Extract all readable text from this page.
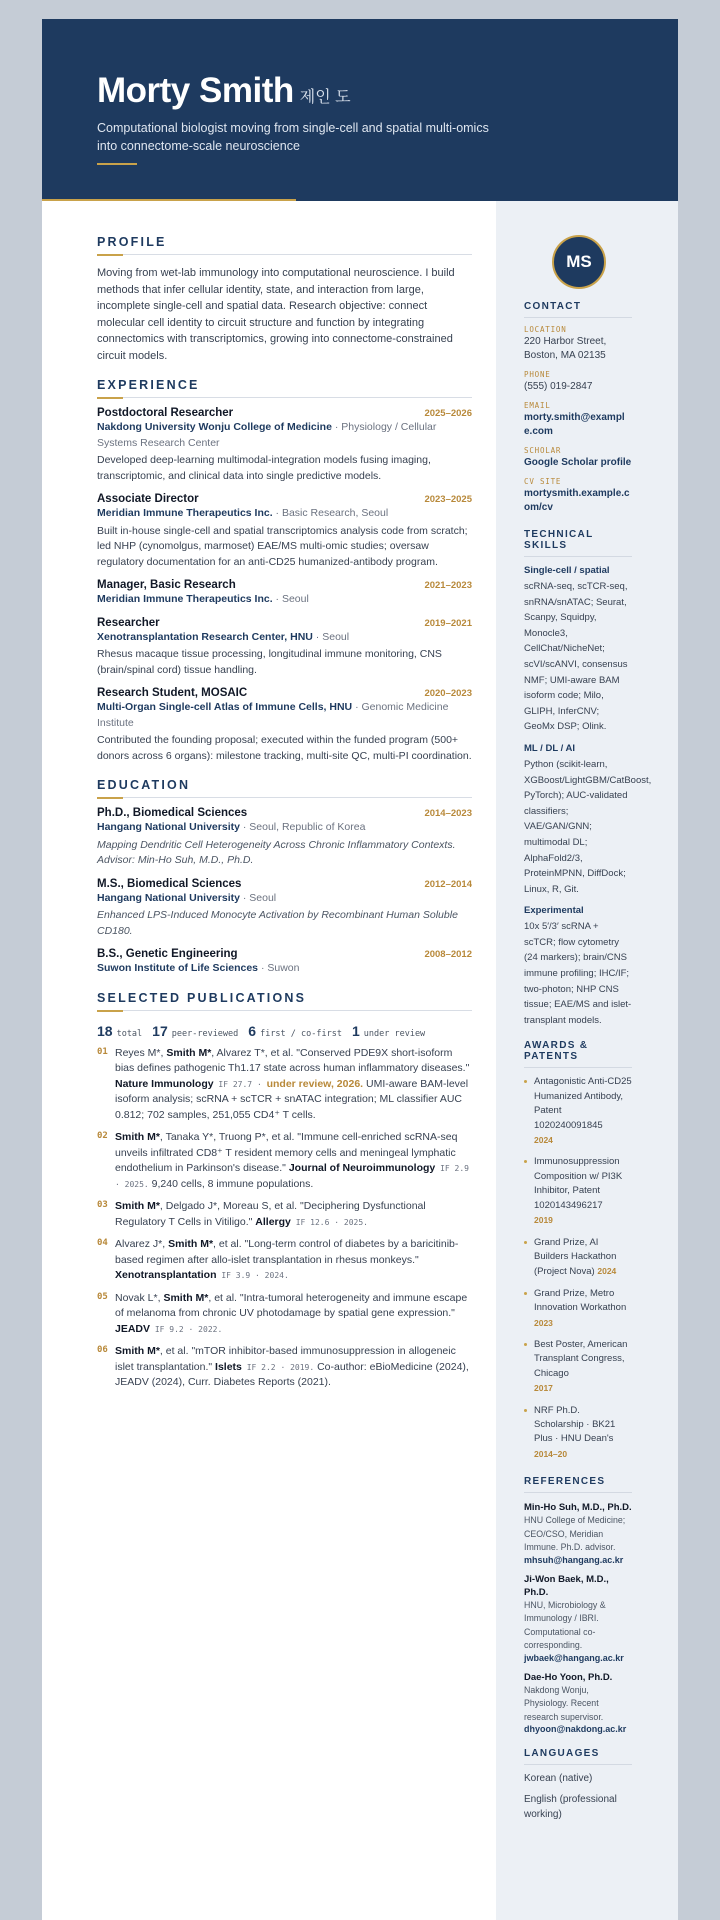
Morty Smith 제인 도
Computational biologist moving from single-cell and spatial multi-omics into connectome-scale neuroscience
PROFILE
Moving from wet-lab immunology into computational neuroscience. I build methods that infer cellular identity, state, and interaction from large, incomplete single-cell and spatial data. Research objective: connect molecular cell identity to circuit structure and function by integrating connectomics with transcriptomics, growing into connectome-constrained circuit models.
EXPERIENCE
Postdoctoral Researcher	2025–2026
Nakdong University Wonju College of Medicine · Physiology / Cellular Systems Research Center
Developed deep-learning multimodal-integration models fusing imaging, transcriptomic, and clinical data into single predictive models.
Associate Director	2023–2025
Meridian Immune Therapeutics Inc. · Basic Research, Seoul
Built in-house single-cell and spatial transcriptomics analysis code from scratch; led NHP (cynomolgus, marmoset) EAE/MS multi-omic studies; oversaw regulatory documentation for an anti-CD25 humanized-antibody program.
Manager, Basic Research	2021–2023
Meridian Immune Therapeutics Inc. · Seoul
Researcher	2019–2021
Xenotransplantation Research Center, HNU · Seoul
Rhesus macaque tissue processing, longitudinal immune monitoring, CNS (brain/spinal cord) tissue handling.
Research Student, MOSAIC	2020–2023
Multi-Organ Single-cell Atlas of Immune Cells, HNU · Genomic Medicine Institute
Contributed the founding proposal; executed within the funded program (500+ donors across 6 organs): milestone tracking, multi-site QC, multi-PI coordination.
EDUCATION
Ph.D., Biomedical Sciences	2014–2023
Hangang National University · Seoul, Republic of Korea
Mapping Dendritic Cell Heterogeneity Across Chronic Inflammatory Contexts. Advisor: Min-Ho Suh, M.D., Ph.D.
M.S., Biomedical Sciences	2012–2014
Hangang National University · Seoul
Enhanced LPS-Induced Monocyte Activation by Recombinant Human Soluble CD180.
B.S., Genetic Engineering	2008–2012
Suwon Institute of Life Sciences · Suwon
SELECTED PUBLICATIONS
18 total 17 peer-reviewed 6 first / co-first 1 under review
01 Reyes M*, Smith M*, Alvarez T*, et al. "Conserved PDE9X short-isoform bias defines pathogenic Th1.17 state across human inflammatory diseases." Nature Immunology IF 27.7 · under review, 2026. UMI-aware BAM-level isoform analysis; scRNA + scTCR + snATAC integration; ML classifier AUC 0.812; 702 samples, 251,055 CD4⁺ T cells.
02 Smith M*, Tanaka Y*, Truong P*, et al. "Immune cell-enriched scRNA-seq unveils infiltrated CD8⁺ T resident memory cells and meningeal lymphatic endothelium in Parkinson's disease." Journal of Neuroimmunology IF 2.9 · 2025. 9,240 cells, 8 immune populations.
03 Smith M*, Delgado J*, Moreau S, et al. "Deciphering Dysfunctional Regulatory T Cells in Vitiligo." Allergy IF 12.6 · 2025.
04 Alvarez J*, Smith M*, et al. "Long-term control of diabetes by a baricitinib-based regimen after allo-islet transplantation in rhesus monkeys." Xenotransplantation IF 3.9 · 2024.
05 Novak L*, Smith M*, et al. "Intra-tumoral heterogeneity and immune escape of melanoma from chronic UV photodamage by spatial gene expression." JEADV IF 9.2 · 2022.
06 Smith M*, et al. "mTOR inhibitor-based immunosuppression in allogeneic islet transplantation." Islets IF 2.2 · 2019. Co-author: eBioMedicine (2024), JEADV (2024), Curr. Diabetes Reports (2021).
MS
CONTACT
LOCATION
220 Harbor Street, Boston, MA 02135
PHONE
(555) 019-2847
EMAIL
morty.smith@example.com
SCHOLAR
Google Scholar profile
CV SITE
mortysmith.example.com/cv
TECHNICAL SKILLS
Single-cell / spatial
scRNA-seq, scTCR-seq, snRNA/snATAC; Seurat, Scanpy, Squidpy, Monocle3, CellChat/NicheNet; scVI/scANVI, consensus NMF; UMI-aware BAM isoform code; Milo, GLIPH, InferCNV; GeoMx DSP; Olink.
ML / DL / AI
Python (scikit-learn, XGBoost/LightGBM/CatBoost, PyTorch); AUC-validated classifiers; VAE/GAN/GNN; multimodal DL; AlphaFold2/3, ProteinMPNN, DiffDock; Linux, R, Git.
Experimental
10x 5′/3′ scRNA + scTCR; flow cytometry (24 markers); brain/CNS immune profiling; IHC/IF; two-photon; NHP CNS tissue; EAE/MS and islet-transplant models.
AWARDS & PATENTS
Antagonistic Anti-CD25 Humanized Antibody, Patent 1020240091845
2024
Immunosuppression Composition w/ PI3K Inhibitor, Patent 1020143496217
2019
Grand Prize, AI Builders Hackathon (Project Nova) 2024
Grand Prize, Metro Innovation Workathon 2023
Best Poster, American Transplant Congress, Chicago
2017
NRF Ph.D. Scholarship · BK21 Plus · HNU Dean's
2014–20
REFERENCES
Min-Ho Suh, M.D., Ph.D.
HNU College of Medicine; CEO/CSO, Meridian Immune. Ph.D. advisor.
mhsuh@hangang.ac.kr
Ji-Won Baek, M.D., Ph.D.
HNU, Microbiology & Immunology / IBRI. Computational co-corresponding.
jwbaek@hangang.ac.kr
Dae-Ho Yoon, Ph.D.
Nakdong Wonju, Physiology. Recent research supervisor.
dhyoon@nakdong.ac.kr
LANGUAGES
Korean (native)
English (professional working)
